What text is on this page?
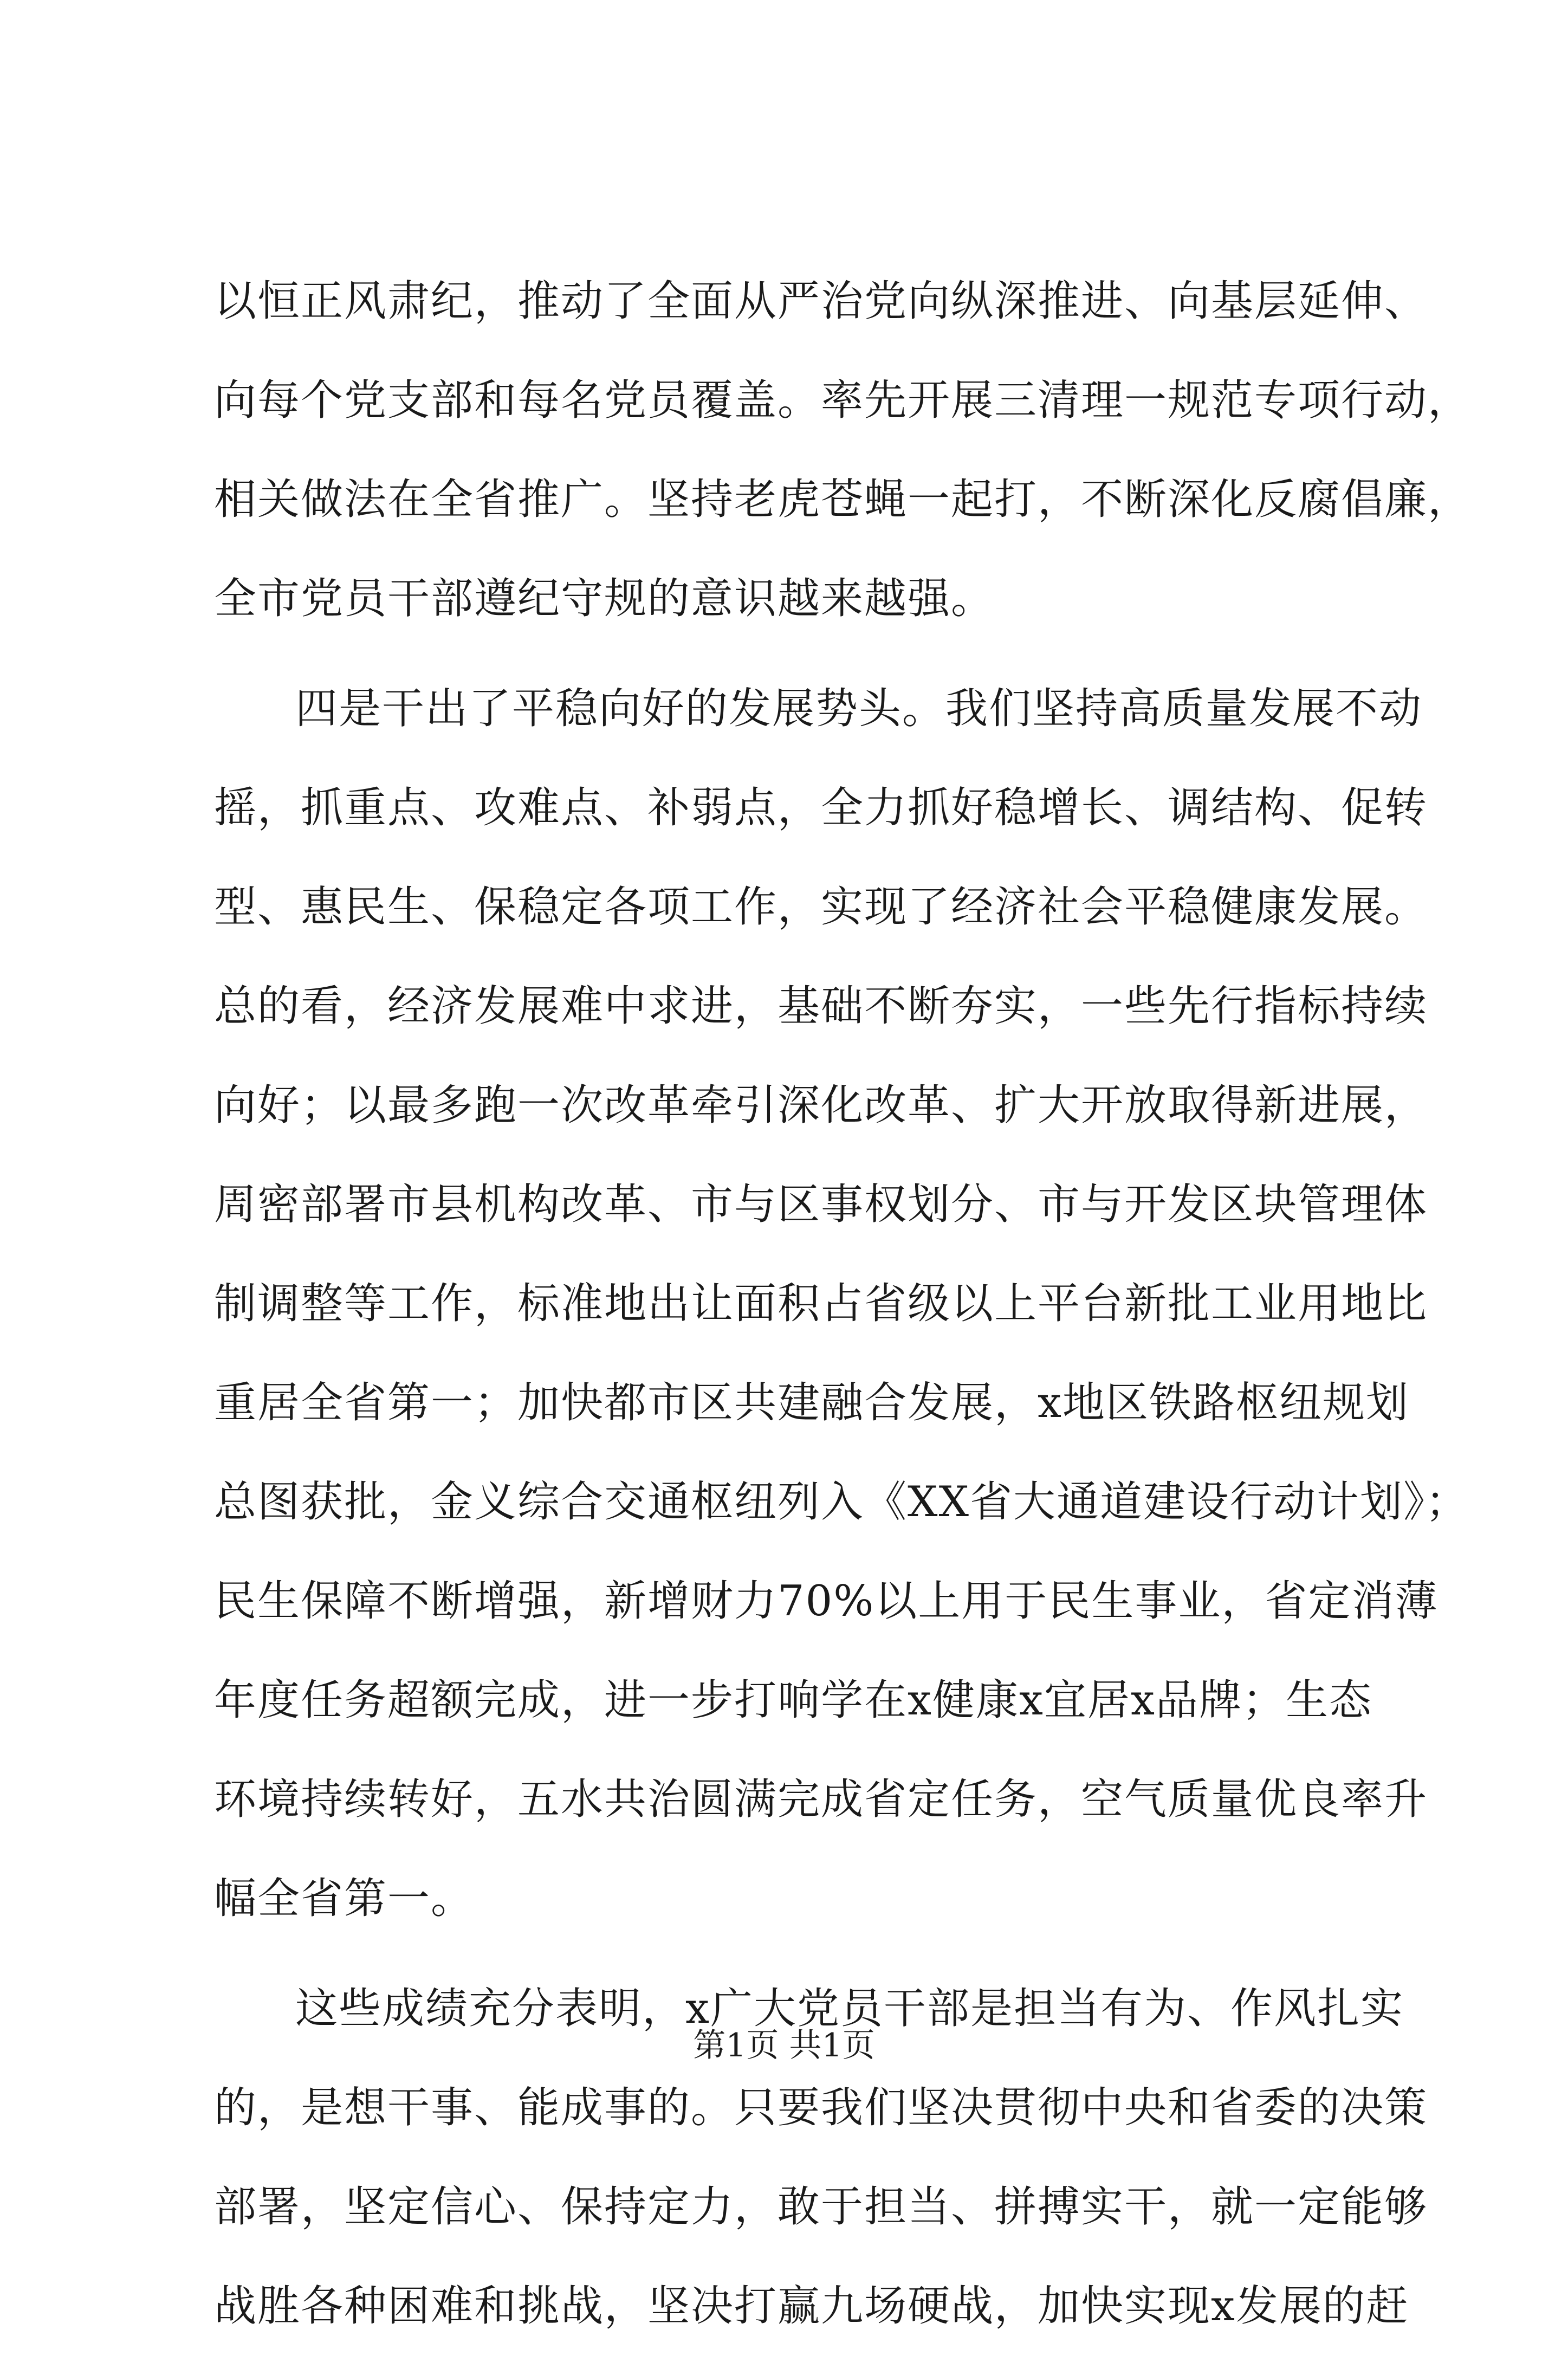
以恒正风肃纪，推动了全面从严治党向纵深推进、向基层延伸、
向每个党支部和每名党员覆盖。率先开展三清理一规范专项行动，
相关做法在全省推广。坚持老虎苍蝇一起打，不断深化反腐倡廉，
全市党员干部遵纪守规的意识越来越强。

四是干出了平稳向好的发展势头。我们坚持高质量发展不动
摇，抓重点、攻难点、补弱点，全力抓好稳增长、调结构、促转
型、惠民生、保稳定各项工作，实现了经济社会平稳健康发展。
总的看，经济发展难中求进，基础不断夯实，一些先行指标持续
向好；以最多跑一次改革牵引深化改革、扩大开放取得新进展，
周密部署市县机构改革、市与区事权划分、市与开发区块管理体
制调整等工作，标准地出让面积占省级以上平台新批工业用地比
重居全省第一；加快都市区共建融合发展，x地区铁路枢纽规划
总图获批，金义综合交通枢纽列入《XX省大通道建设行动计划》；
民生保障不断增强，新增财力70%以上用于民生事业，省定消薄
年度任务超额完成，进一步打响学在x健康x宜居x品牌；生态
环境持续转好，五水共治圆满完成省定任务，空气质量优良率升
幅全省第一。

这些成绩充分表明，x广大党员干部是担当有为、作风扎实
的，是想干事、能成事的。只要我们坚决贯彻中央和省委的决策
部署，坚定信心、保持定力，敢于担当、拼搏实干，就一定能够
战胜各种困难和挑战，坚决打赢九场硬战，加快实现x发展的赶

第1页 共1页
